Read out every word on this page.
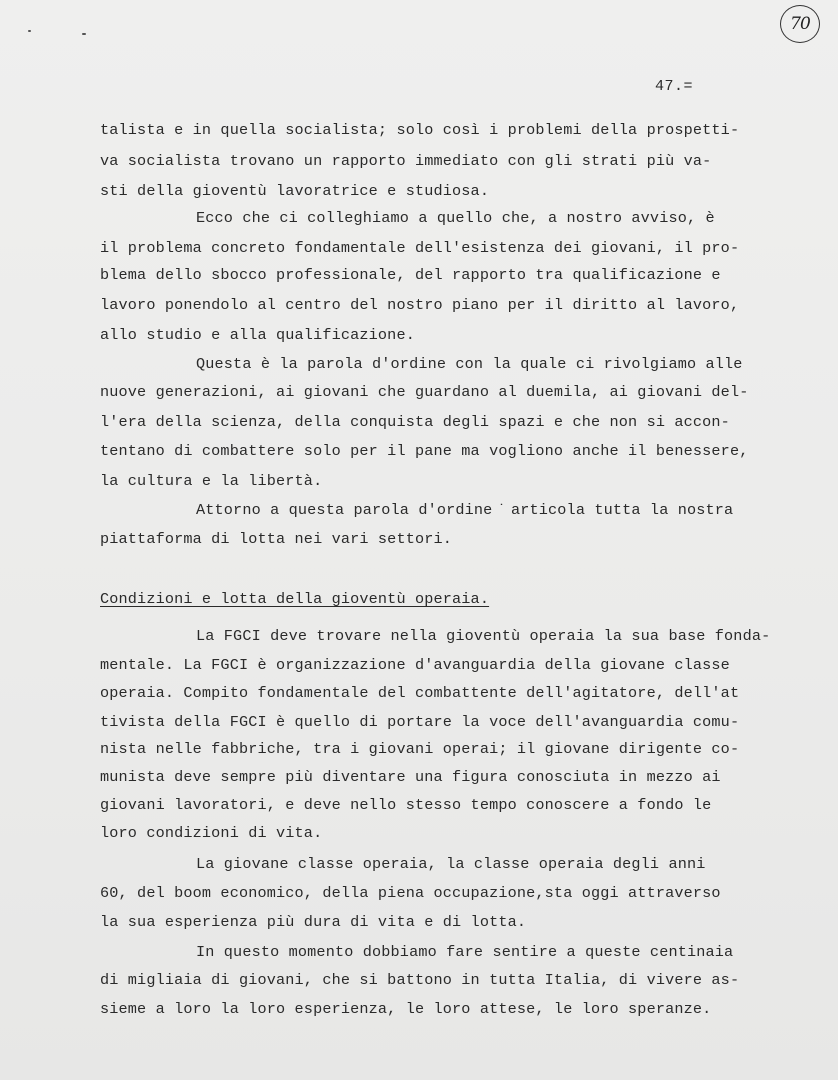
70
47.=
talista e in quella socialista; solo così i problemi della prospetti-
va socialista trovano un rapporto immediato con gli strati più va-
sti della gioventù lavoratrice e studiosa.
Ecco che ci colleghiamo a quello che, a nostro avviso, è
il problema concreto fondamentale dell'esistenza dei giovani, il pro-
blema dello sbocco professionale, del rapporto tra qualificazione e
lavoro ponendolo al centro del nostro piano per il diritto al lavoro,
allo studio e alla qualificazione.
Questa è la parola d'ordine con la quale ci rivolgiamo alle
nuove generazioni, ai giovani che guardano al duemila, ai giovani del-
l'era della scienza, della conquista degli spazi e che non si accon-
tentano di combattere solo per il pane ma vogliono anche il benessere,
la cultura e la libertà.
Attorno a questa parola d'ordine ̇ articola tutta la nostra
piattaforma di lotta nei vari settori.
Condizioni e lotta della gioventù operaia.
La FGCI deve trovare nella gioventù operaia la sua base fonda-
mentale. La FGCI è organizzazione d'avanguardia della giovane classe
operaia. Compito fondamentale del combattente dell'agitatore, dell'at
tivista della FGCI è quello di portare la voce dell'avanguardia comu-
nista nelle fabbriche, tra i giovani operai; il giovane dirigente co-
munista deve sempre più diventare una figura conosciuta in mezzo ai
giovani lavoratori, e deve nello stesso tempo conoscere a fondo le
loro condizioni di vita.
La giovane classe operaia, la classe operaia degli anni
60, del boom economico, della piena occupazione,sta oggi attraverso
la sua esperienza più dura di vita e di lotta.
In questo momento dobbiamo fare sentire a queste centinaia
di migliaia di giovani, che si battono in tutta Italia, di vivere as-
sieme a loro la loro esperienza, le loro attese, le loro speranze.
